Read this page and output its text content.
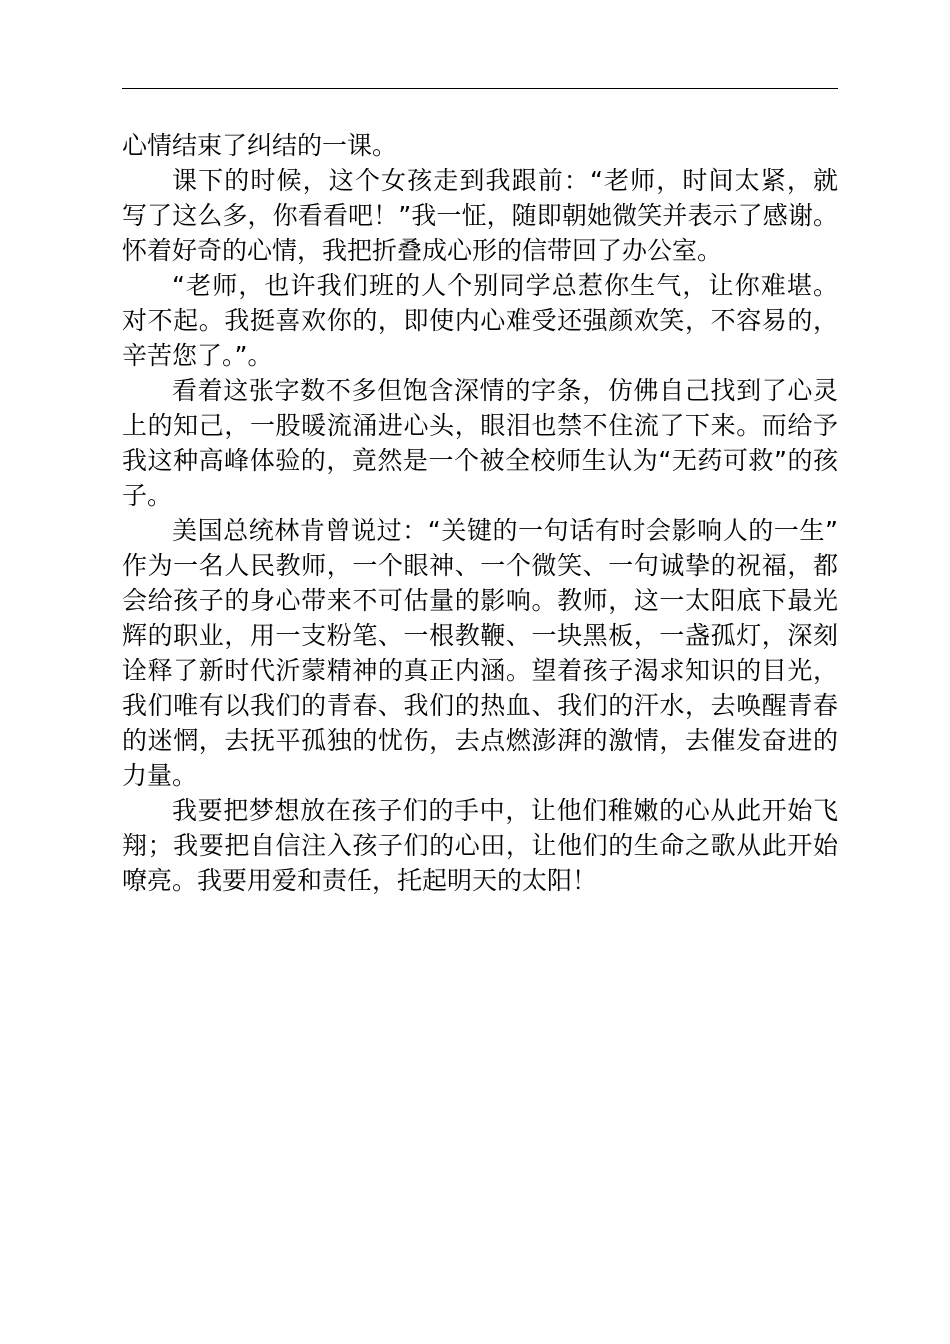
心情结束了纠结的一课。
课下的时候，这个女孩走到我跟前：“老师，时间太紧，就
写了这么多，你看看吧！”我一怔，随即朝她微笑并表示了感谢。
怀着好奇的心情，我把折叠成心形的信带回了办公室。
“老师，也许我们班的人个别同学总惹你生气，让你难堪。
对不起。我挺喜欢你的，即使内心难受还强颜欢笑，不容易的，
辛苦您了。”。
看着这张字数不多但饱含深情的字条，仿佛自己找到了心灵
上的知己，一股暖流涌进心头，眼泪也禁不住流了下来。而给予
我这种高峰体验的，竟然是一个被全校师生认为“无药可救”的孩
子。
美国总统林肯曾说过：“关键的一句话有时会影响人的一生”
作为一名人民教师，一个眼神、一个微笑、一句诚挚的祝福，都
会给孩子的身心带来不可估量的影响。教师，这一太阳底下最光
辉的职业，用一支粉笔、一根教鞭、一块黑板，一盏孤灯，深刻
诠释了新时代沂蒙精神的真正内涵。望着孩子渴求知识的目光，
我们唯有以我们的青春、我们的热血、我们的汗水，去唤醒青春
的迷惘，去抚平孤独的忧伤，去点燃澎湃的激情，去催发奋进的
力量。
我要把梦想放在孩子们的手中，让他们稚嫩的心从此开始飞
翔；我要把自信注入孩子们的心田，让他们的生命之歌从此开始
嘹亮。我要用爱和责任，托起明天的太阳！
